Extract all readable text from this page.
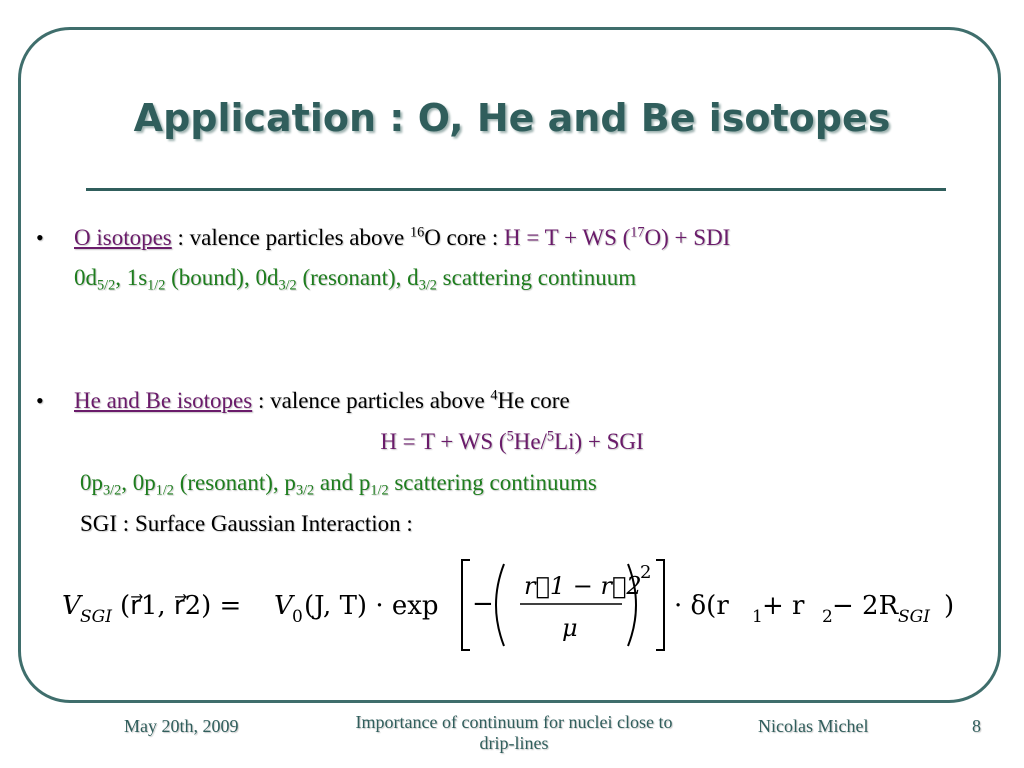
Application : O, He and Be isotopes
• O isotopes : valence particles above $^{16}$O core : H = T + WS ($^{17}$O) + SDI
$0d_{5/2}$, $1s_{1/2}$ (bound), $0d_{3/2}$ (resonant), $d_{3/2}$ scattering continuum
• He and Be isotopes : valence particles above $^4$He core
H = T + WS ($^5$He/$^5$Li) + SGI
$0p_{3/2}$, $0p_{1/2}$ (resonant), $p_{3/2}$ and $p_{1/2}$ scattering continuums
SGI : Surface Gaussian Interaction :
V SGI (r⃗1, r⃗2) = V 0 (J, T) · exp −
r⃗1 − r⃗2
μ
2
· δ(r 1 + r 2 − 2R SGI )
May 20th, 2009	Importance of continuum for nuclei close to
drip-lines
Nicolas Michel	8
